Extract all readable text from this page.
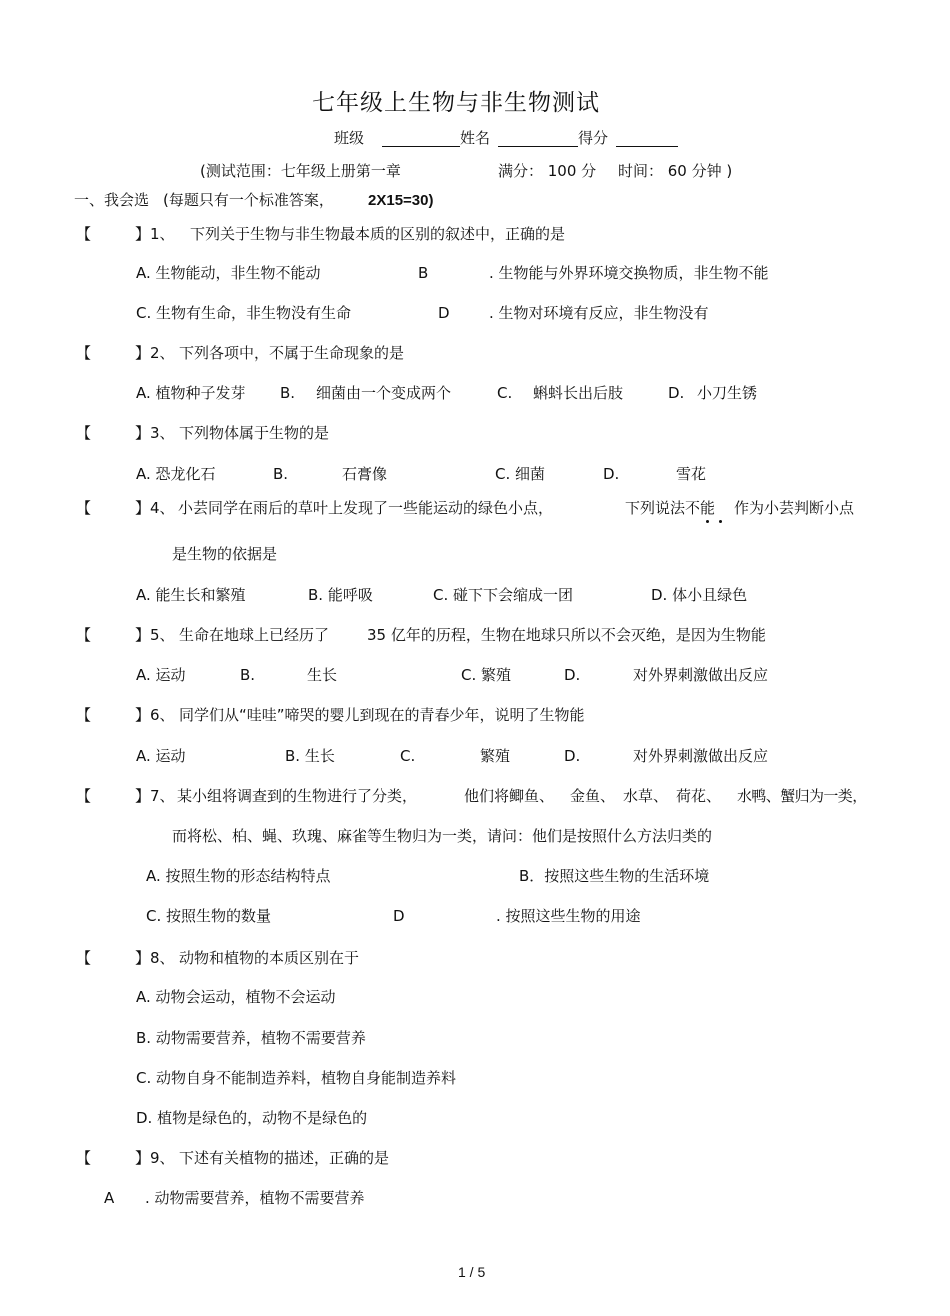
七年级上生物与非生物测试
班级	姓名	得分
(测试范围：七年级上册第一章	满分： 100 分 时间： 60 分钟 )
一、我会选 (每题只有一个标准答案， 2X15=30)
【	】1、 下列关于生物与非生物最本质的区别的叙述中，正确的是
A. 生物能动，非生物不能动	B	. 生物能与外界环境交换物质，非生物不能
C. 生物有生命，非生物没有生命	D	. 生物对环境有反应，非生物没有
【	】2、 下列各项中，不属于生命现象的是
A. 植物种子发芽 B. 细菌由一个变成两个	C. 蝌蚪长出后肢	D. 小刀生锈
【	】3、 下列物体属于生物的是
A. 恐龙化石	B.	石膏像	C. 细菌	D.	雪花
【	】4、 小芸同学在雨后的草叶上发现了一些能运动的绿色小点，	下列说法不能 作为小芸判断小点
是生物的依据是
A. 能生长和繁殖	B. 能呼吸	C. 碰下下会缩成一团	D. 体小且绿色
【	】5、 生命在地球上已经历了	35 亿年的历程，生物在地球只所以不会灭绝，是因为生物能
A. 运动	B.	生长	C. 繁殖	D.	对外界刺激做出反应
【	】6、 同学们从“哇哇”啼哭的婴儿到现在的青春少年，说明了生物能
A. 运动	B. 生长	C.	繁殖	D.	对外界刺激做出反应
【	】7、 某小组将调查到的生物进行了分类，	他们将鲫鱼、 金鱼、 水草、 荷花、 水鸭、蟹归为一类，
而将松、柏、蝇、玖瑰、麻雀等生物归为一类，请问：他们是按照什么方法归类的
A. 按照生物的形态结构特点	B．按照这些生物的生活环境
C. 按照生物的数量	D	. 按照这些生物的用途
【	】8、 动物和植物的本质区别在于
A. 动物会运动，植物不会运动
B. 动物需要营养，植物不需要营养
C. 动物自身不能制造养料，植物自身能制造养料
D. 植物是绿色的，动物不是绿色的
【	】9、 下述有关植物的描述，正确的是
A . 动物需要营养，植物不需要营养
1 / 5
